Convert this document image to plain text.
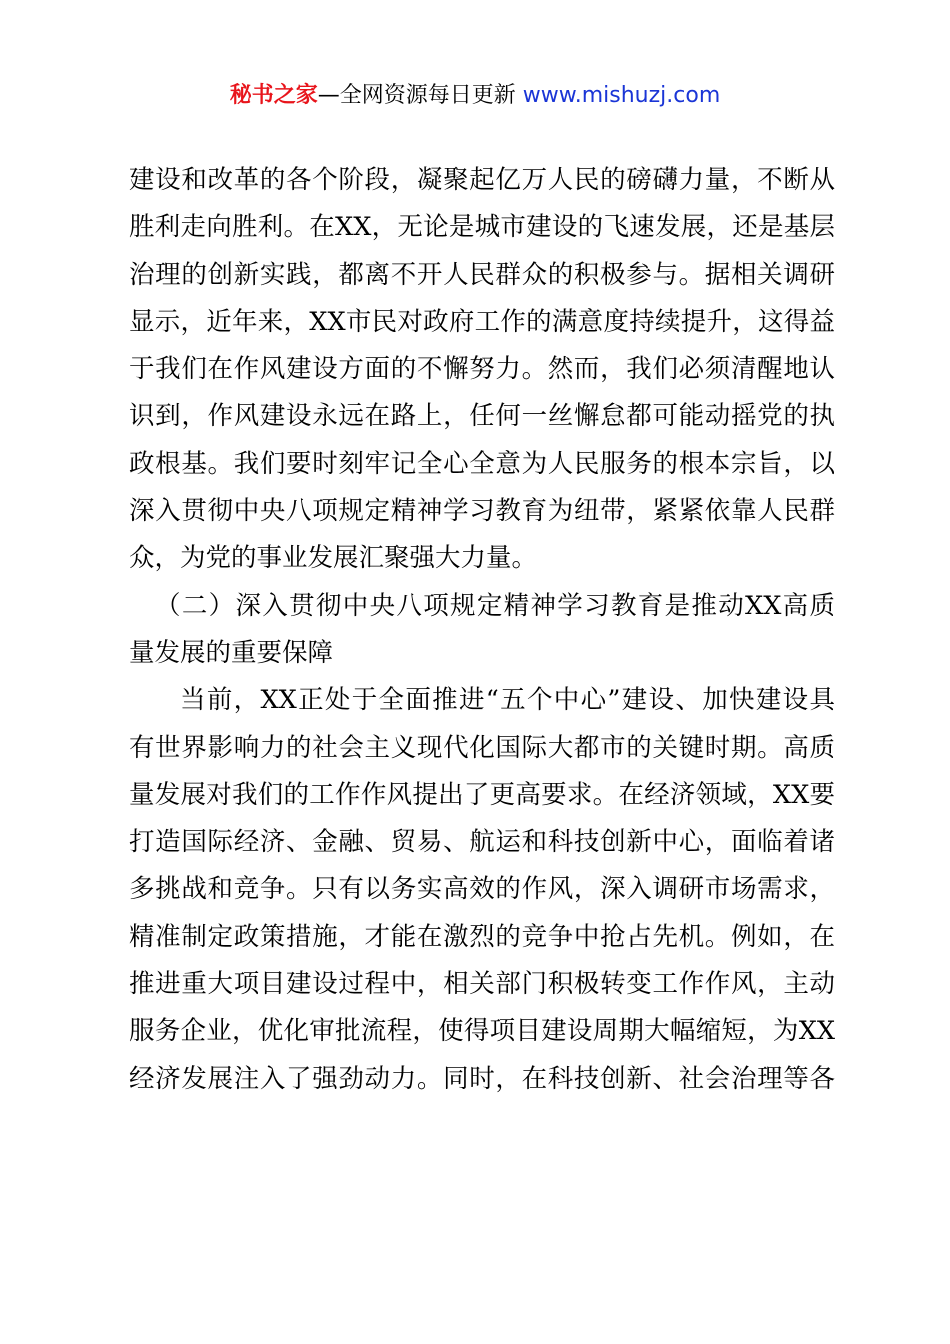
秘书之家—全网资源每日更新 www.mishuzj.com
建设和改革的各个阶段，凝聚起亿万人民的磅礴力量，不断从
胜利走向胜利。在XX，无论是城市建设的飞速发展，还是基层
治理的创新实践，都离不开人民群众的积极参与。据相关调研
显示，近年来，XX市民对政府工作的满意度持续提升，这得益
于我们在作风建设方面的不懈努力。然而，我们必须清醒地认
识到，作风建设永远在路上，任何一丝懈怠都可能动摇党的执
政根基。我们要时刻牢记全心全意为人民服务的根本宗旨，以
深入贯彻中央八项规定精神学习教育为纽带，紧紧依靠人民群
众，为党的事业发展汇聚强大力量。
（二）深入贯彻中央八项规定精神学习教育是推动XX高质
量发展的重要保障
当前，XX正处于全面推进“五个中心”建设、加快建设具
有世界影响力的社会主义现代化国际大都市的关键时期。高质
量发展对我们的工作作风提出了更高要求。在经济领域，XX要
打造国际经济、金融、贸易、航运和科技创新中心，面临着诸
多挑战和竞争。只有以务实高效的作风，深入调研市场需求，
精准制定政策措施，才能在激烈的竞争中抢占先机。例如，在
推进重大项目建设过程中，相关部门积极转变工作作风，主动
服务企业，优化审批流程，使得项目建设周期大幅缩短，为XX
经济发展注入了强劲动力。同时，在科技创新、社会治理等各
